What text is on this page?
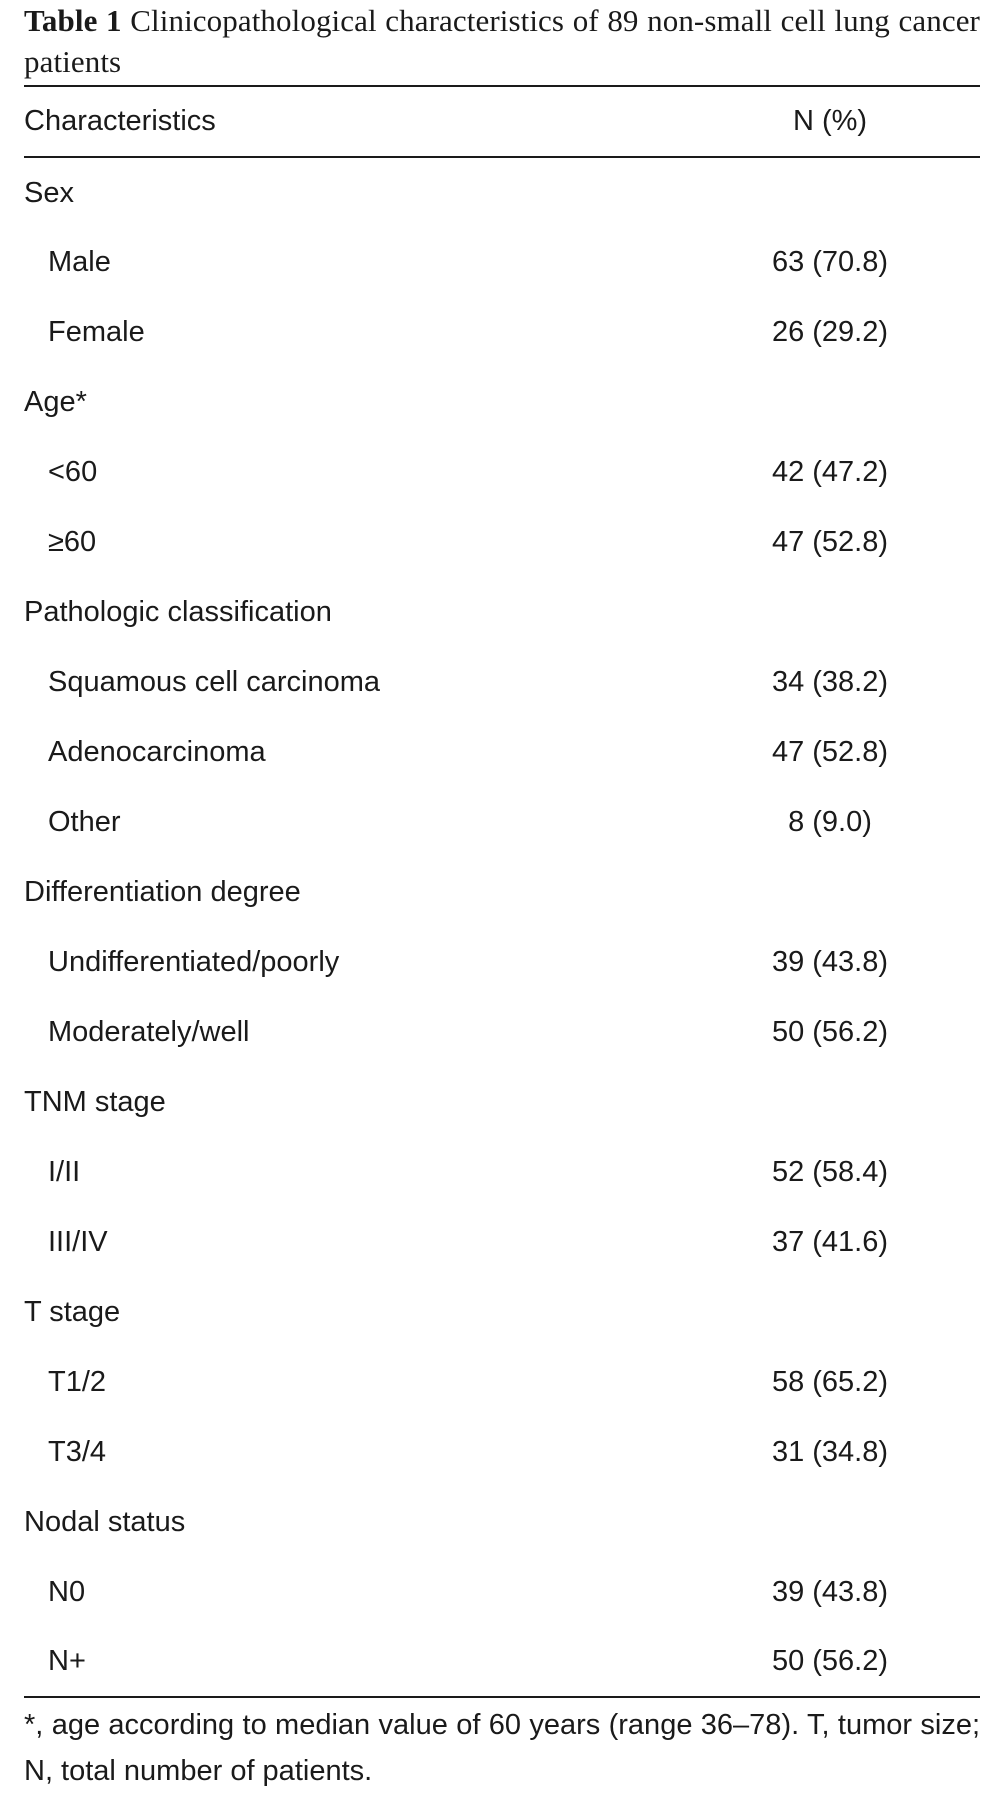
Table 1 Clinicopathological characteristics of 89 non-small cell lung cancer patients

Characteristics	N (%)
Sex	
Male	63 (70.8)
Female	26 (29.2)
Age*	
<60	42 (47.2)
≥60	47 (52.8)
Pathologic classification	
Squamous cell carcinoma	34 (38.2)
Adenocarcinoma	47 (52.8)
Other	8 (9.0)
Differentiation degree	
Undifferentiated/poorly	39 (43.8)
Moderately/well	50 (56.2)
TNM stage	
I/II	52 (58.4)
III/IV	37 (41.6)
T stage	
T1/2	58 (65.2)
T3/4	31 (34.8)
Nodal status	
N0	39 (43.8)
N+	50 (56.2)

*, age according to median value of 60 years (range 36–78). T, tumor size; N, total number of patients.
